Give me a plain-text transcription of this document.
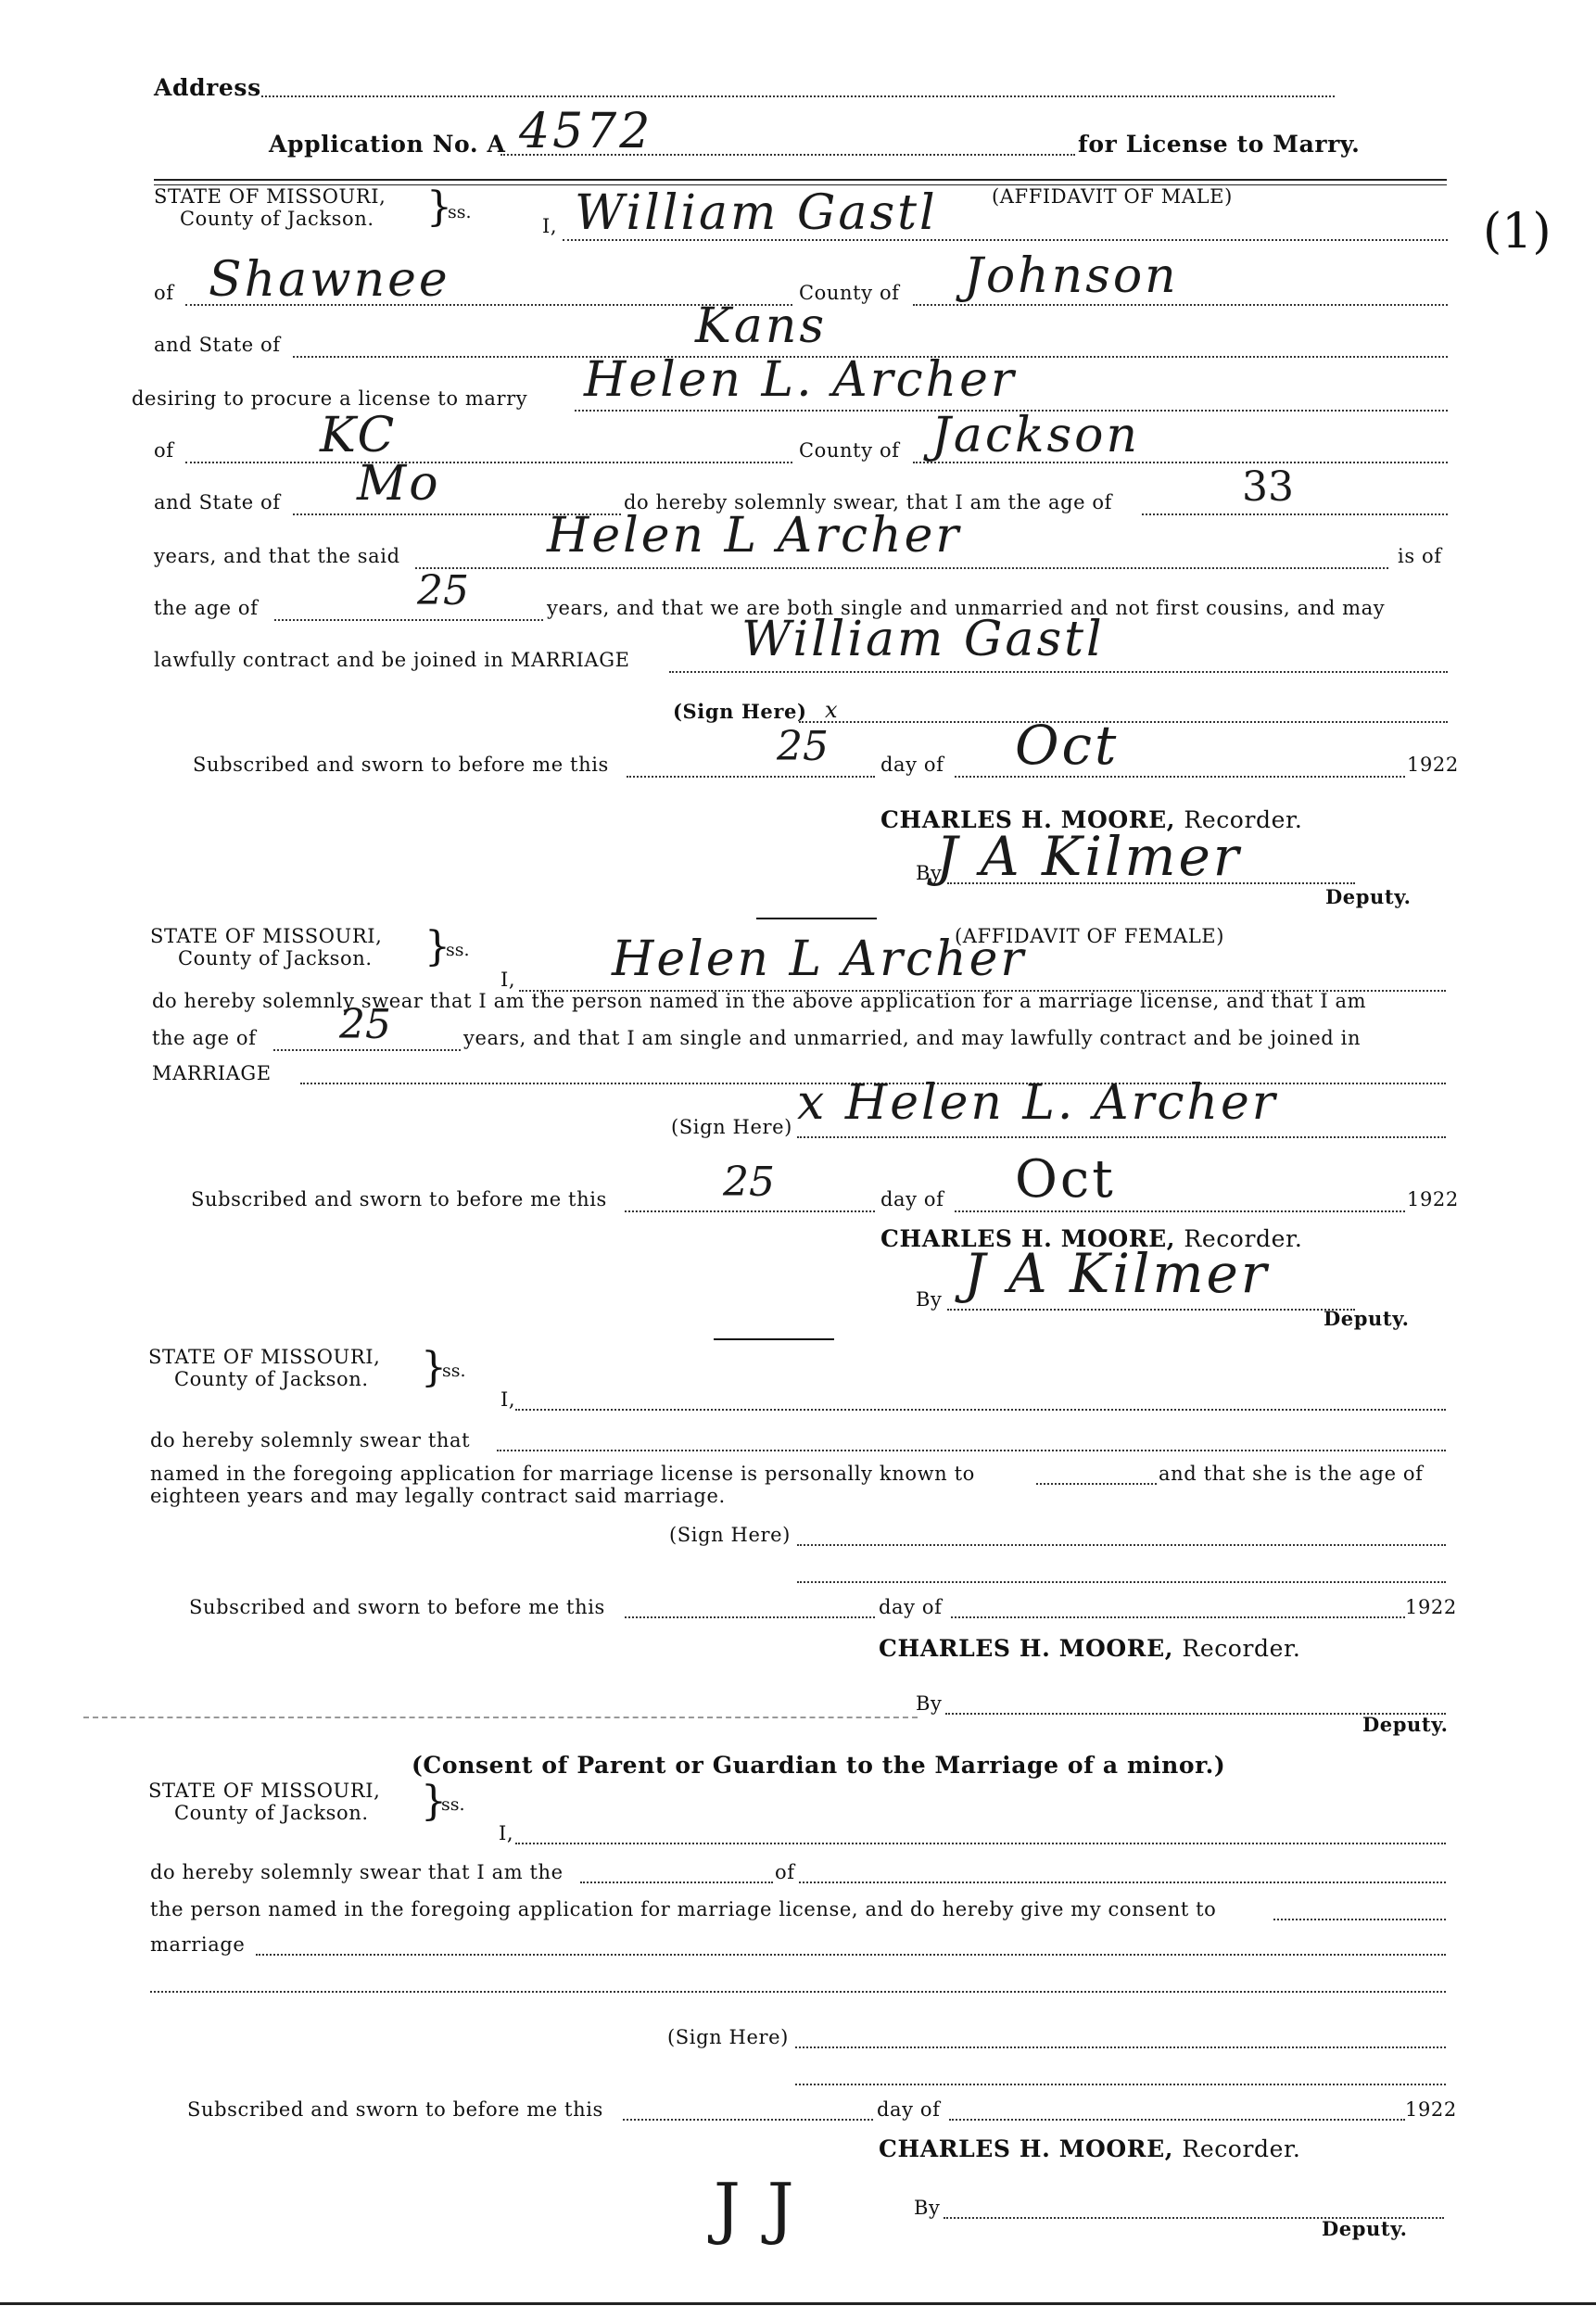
Address
Application No. A 4572	for License to Marry.
(1)
STATE OF MISSOURI,
County of Jackson. }
ss.
(AFFIDAVIT OF MALE)
I, William Gastl
of Shawnee	County of Johnson
and State of	Kans
desiring to procure a license to marry Helen L. Archer
of	KC	County of Jackson
and State of Mo	do hereby solemnly swear, that I am the age of	33
years, and that the said	Helen L Archer	is of
the age of	25	years, and that we are both single and unmarried and not first cousins, and may
lawfully contract and be joined in MARRIAGE William Gastl
(Sign Here) x
Subscribed and sworn to before me this	25	day of Oct	1922
CHARLES H. MOORE, Recorder.
By
J A Kilmer
Deputy.
STATE OF MISSOURI,
County of Jackson. }
ss.
(AFFIDAVIT OF FEMALE)
I, Helen L Archer
do hereby solemnly swear that I am the person named in the above application for a marriage license, and that I am
the age of 25	years, and that I am single and unmarried, and may lawfully contract and be joined in
MARRIAGE
(Sign Here) x Helen L. Archer
Subscribed and sworn to before me this	25	day of Oct	1922
CHARLES H. MOORE, Recorder.
By J A Kilmer
Deputy.
STATE OF MISSOURI,
County of Jackson. }
ss.
I,
do hereby solemnly swear that
named in the foregoing application for marriage license is personally known to	and that she is the age of
eighteen years and may legally contract said marriage.
(Sign Here)
Subscribed and sworn to before me this	day of	1922
CHARLES H. MOORE, Recorder.
By
Deputy.
(Consent of Parent or Guardian to the Marriage of a minor.)
STATE OF MISSOURI,
County of Jackson. }
ss.
I,
do hereby solemnly swear that I am the	of
the person named in the foregoing application for marriage license, and do hereby give my consent to
marriage
(Sign Here)
Subscribed and sworn to before me this	day of	1922
CHARLES H. MOORE, Recorder.
By
Deputy.
J J
